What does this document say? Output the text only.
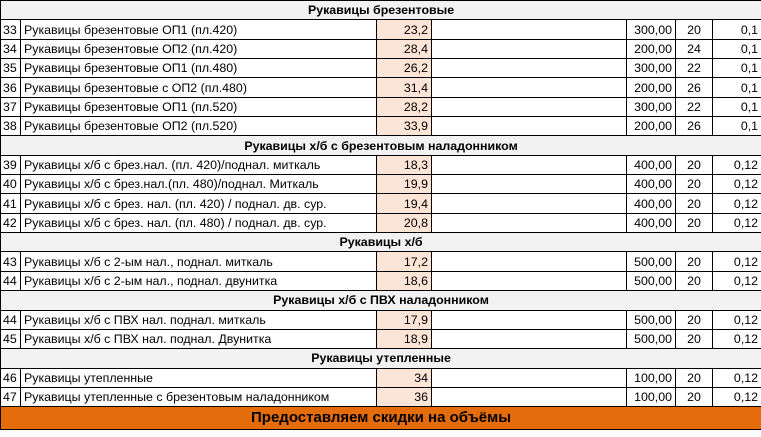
Рукавицы брезентовые						
33	Рукавицы брезентовые ОП1 (пл.420)	23,2		300,00	20	0,1
34	Рукавицы брезентовые ОП2 (пл.420)	28,4		200,00	24	0,1
35	Рукавицы брезентовые ОП1 (пл.480)	26,2		300,00	22	0,1
36	Рукавицы брезентовые с ОП2 (пл.480)	31,4		200,00	26	0,1
37	Рукавицы брезентовые ОП1 (пл.520)	28,2		300,00	22	0,1
38	Рукавицы брезентовые ОП2 (пл.520)	33,9		200,00	26	0,1
Рукавицы х/б с брезентовым наладонником						
39	Рукавицы х/б с брез.нал. (пл. 420)/поднал. миткаль	18,3		400,00	20	0,12
40	Рукавицы х/б с брез.нал.(пл. 480)/поднал. Миткаль	19,9		400,00	20	0,12
41	Рукавицы х/б с брез. нал. (пл. 420) / поднал. дв. сур.	19,4		400,00	20	0,12
42	Рукавицы х/б с брез. нал. (пл. 480) / поднал. дв. сур.	20,8		400,00	20	0,12
Рукавицы х/б						
43	Рукавицы х/б с 2-ым нал., поднал. миткаль	17,2		500,00	20	0,12
44	Рукавицы х/б с 2-ым нал., поднал. двунитка	18,6		500,00	20	0,12
Рукавицы х/б с ПВХ наладонником						
44	Рукавицы х/б с ПВХ нал. поднал. миткаль	17,9		500,00	20	0,12
45	Рукавицы х/б с ПВХ нал. поднал. Двунитка	18,9		500,00	20	0,12
Рукавицы утепленные						
46	Рукавицы утепленные	34		100,00	20	0,12
47	Рукавицы утепленные с брезентовым наладонником	36		100,00	20	0,12
Предоставляем скидки на объёмы						
